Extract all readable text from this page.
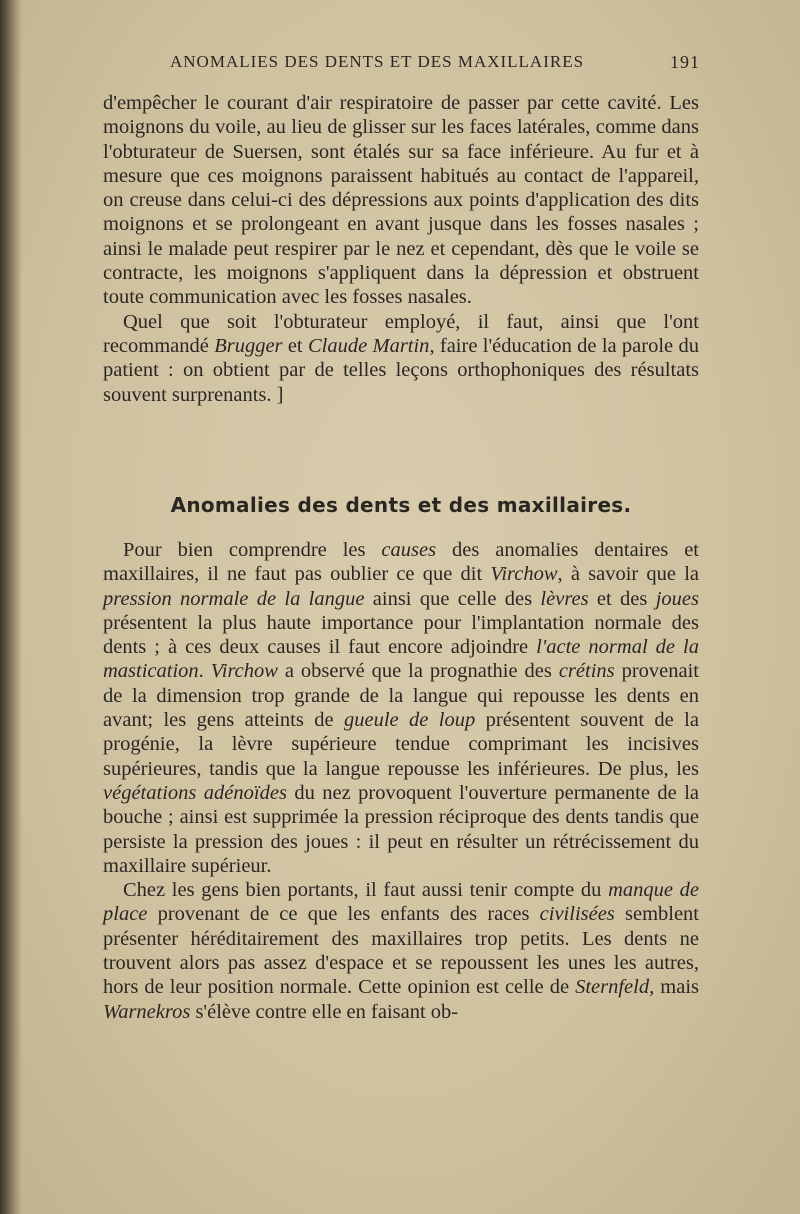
ANOMALIES DES DENTS ET DES MAXILLAIRES	191

d'empêcher le courant d'air respiratoire de passer par cette cavité. Les moignons du voile, au lieu de glisser sur les faces latérales, comme dans l'obturateur de Suersen, sont étalés sur sa face inférieure. Au fur et à mesure que ces moignons paraissent habitués au contact de l'appareil, on creuse dans celui-ci des dépressions aux points d'application des dits moignons et se prolongeant en avant jusque dans les fosses nasales ; ainsi le malade peut respirer par le nez et cependant, dès que le voile se contracte, les moignons s'appliquent dans la dépression et obstruent toute communication avec les fosses nasales.

Quel que soit l'obturateur employé, il faut, ainsi que l'ont recommandé Brugger et Claude Martin, faire l'éducation de la parole du patient : on obtient par de telles leçons orthophoniques des résultats souvent surprenants. ]

Anomalies des dents et des maxillaires.

Pour bien comprendre les causes des anomalies dentaires et maxillaires, il ne faut pas oublier ce que dit Virchow, à savoir que la pression normale de la langue ainsi que celle des lèvres et des joues présentent la plus haute importance pour l'implantation normale des dents ; à ces deux causes il faut encore adjoindre l'acte normal de la mastication. Virchow a observé que la prognathie des crétins provenait de la dimension trop grande de la langue qui repousse les dents en avant; les gens atteints de gueule de loup présentent souvent de la progénie, la lèvre supérieure tendue comprimant les incisives supérieures, tandis que la langue repousse les inférieures. De plus, les végétations adénoïdes du nez provoquent l'ouverture permanente de la bouche ; ainsi est supprimée la pression réciproque des dents tandis que persiste la pression des joues : il peut en résulter un rétrécissement du maxillaire supérieur.

Chez les gens bien portants, il faut aussi tenir compte du manque de place provenant de ce que les enfants des races civilisées semblent présenter héréditairement des maxillaires trop petits. Les dents ne trouvent alors pas assez d'espace et se repoussent les unes les autres, hors de leur position normale. Cette opinion est celle de Sternfeld, mais Warnekros s'élève contre elle en faisant ob-
